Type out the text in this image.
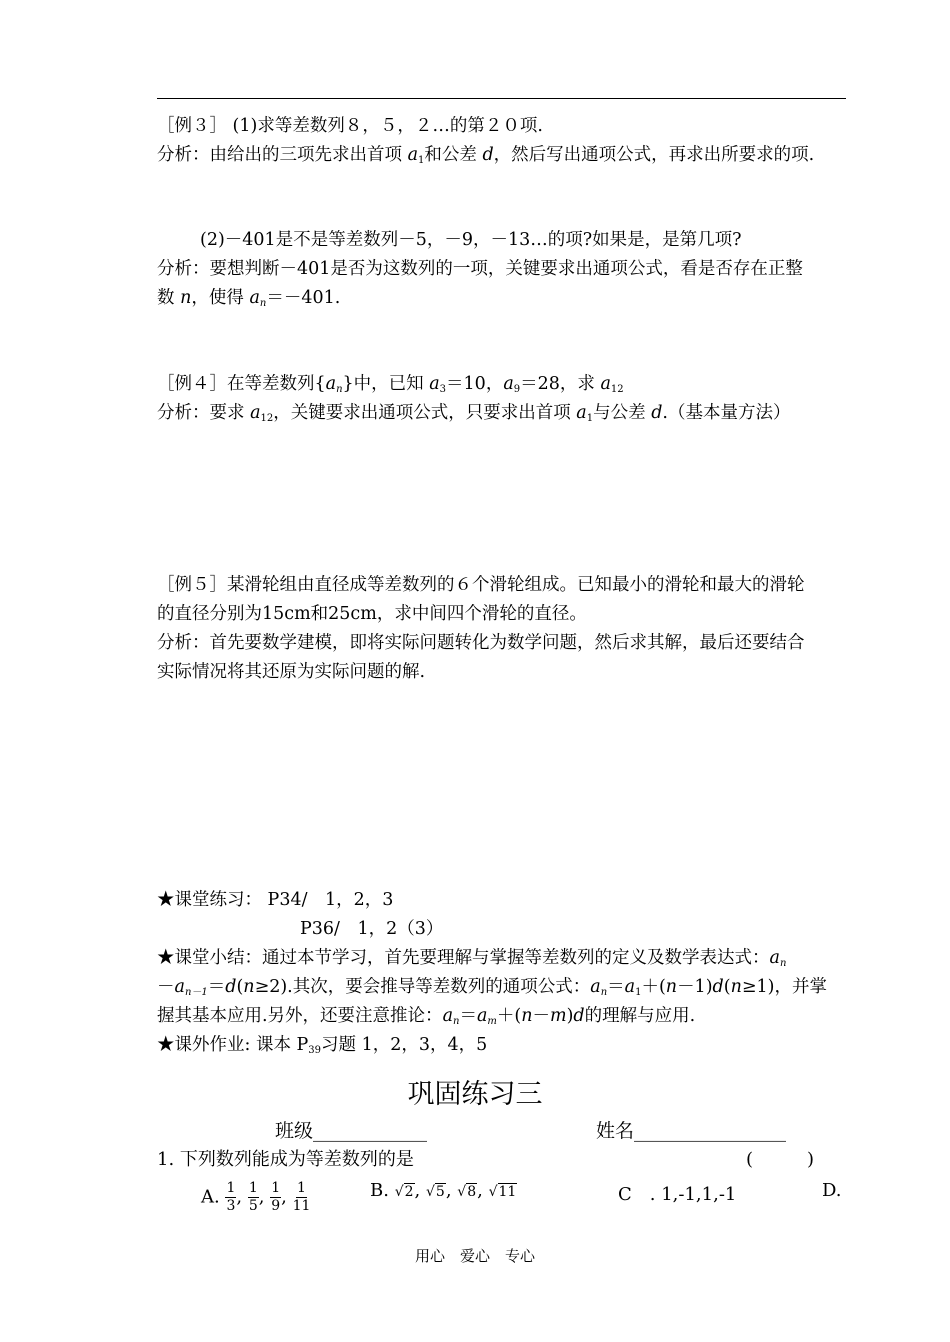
［例３］ (1)求等差数列８，５，２…的第２０项.
分析：由给出的三项先求出首项 $a_1$和公差 d，然后写出通项公式，再求出所要求的项.
(2)－401是不是等差数列－5，－9，－13…的项?如果是，是第几项?
分析：要想判断－401是否为这数列的一项，关键要求出通项公式，看是否存在正整
数 n，使得 $a_n=-401$.
［例４］在等差数列$\{a_n\}$中，已知 $a_3=10$，$a_9=28$，求 $a_{12}$
分析：要求 $a_{12}$，关键要求出通项公式，只要求出首项 $a_1$与公差 d.（基本量方法）
［例５］某滑轮组由直径成等差数列的６个滑轮组成。已知最小的滑轮和最大的滑轮
的直径分别为15cm和25cm，求中间四个滑轮的直径。
分析：首先要数学建模，即将实际问题转化为数学问题，然后求其解，最后还要结合
实际情况将其还原为实际问题的解.
★课堂练习： P34/　1，2，3
P36/　1，2（3）
★课堂小结：通过本节学习，首先要理解与掌握等差数列的定义及数学表达式：$a_n$
$-a_{n-1}=d(n\ge 2)$.其次，要会推导等差数列的通项公式：$a_n=a_1+(n-1)d(n\ge 1)$，并掌
握其基本应用.另外，还要注意推论：$a_n=a_m+(n-m)d$的理解与应用.
★课外作业: 课本 $P_{39}$习题 1，2，3，4，5
巩固练习三
班级____________	姓名________________
1. 下列数列能成为等差数列的是	(　　　)
A. $\frac{1}{3}$ , $\frac{1}{5}$ , $\frac{1}{9}$ , $\frac{1}{11}$	B. √2, √5, √8, √11	C　. 1,-1,1,-1	D.
用心　爱心　专心
